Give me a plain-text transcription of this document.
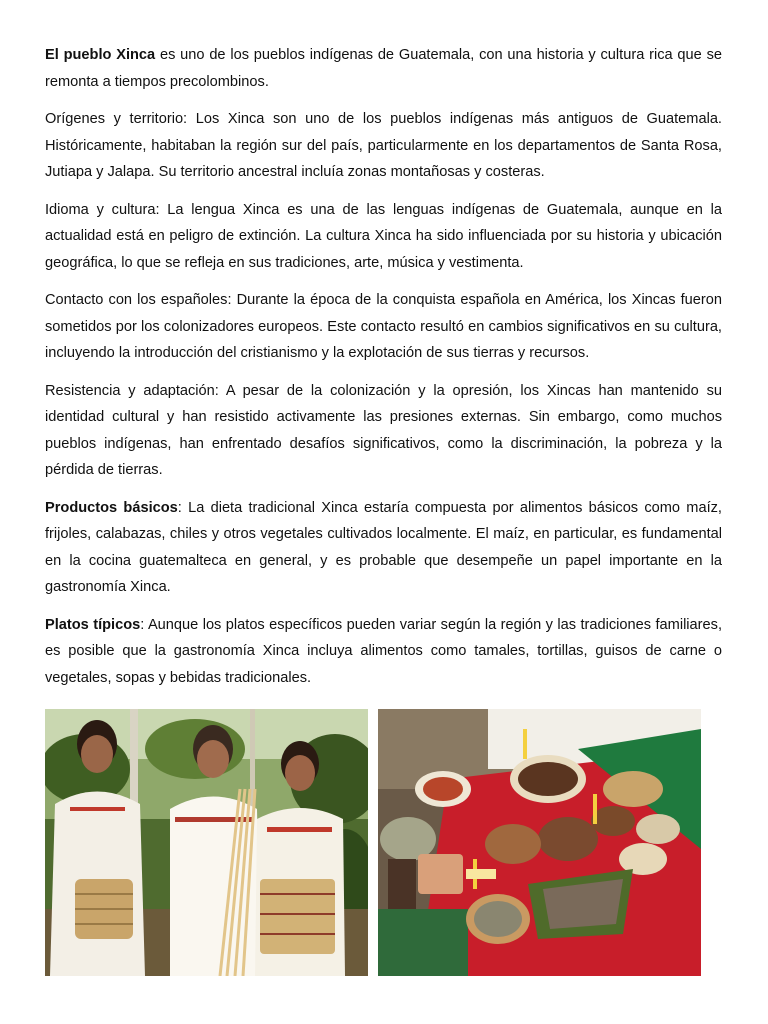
El pueblo Xinca es uno de los pueblos indígenas de Guatemala, con una historia y cultura rica que se remonta a tiempos precolombinos.

Orígenes y territorio: Los Xinca son uno de los pueblos indígenas más antiguos de Guatemala. Históricamente, habitaban la región sur del país, particularmente en los departamentos de Santa Rosa, Jutiapa y Jalapa. Su territorio ancestral incluía zonas montañosas y costeras.

Idioma y cultura: La lengua Xinca es una de las lenguas indígenas de Guatemala, aunque en la actualidad está en peligro de extinción. La cultura Xinca ha sido influenciada por su historia y ubicación geográfica, lo que se refleja en sus tradiciones, arte, música y vestimenta.

Contacto con los españoles: Durante la época de la conquista española en América, los Xincas fueron sometidos por los colonizadores europeos. Este contacto resultó en cambios significativos en su cultura, incluyendo la introducción del cristianismo y la explotación de sus tierras y recursos.

Resistencia y adaptación: A pesar de la colonización y la opresión, los Xincas han mantenido su identidad cultural y han resistido activamente las presiones externas. Sin embargo, como muchos pueblos indígenas, han enfrentado desafíos significativos, como la discriminación, la pobreza y la pérdida de tierras.

Productos básicos: La dieta tradicional Xinca estaría compuesta por alimentos básicos como maíz, frijoles, calabazas, chiles y otros vegetales cultivados localmente. El maíz, en particular, es fundamental en la cocina guatemalteca en general, y es probable que desempeñe un papel importante en la gastronomía Xinca.

Platos típicos: Aunque los platos específicos pueden variar según la región y las tradiciones familiares, es posible que la gastronomía Xinca incluya alimentos como tamales, tortillas, guisos de carne o vegetales, sopas y bebidas tradicionales.
